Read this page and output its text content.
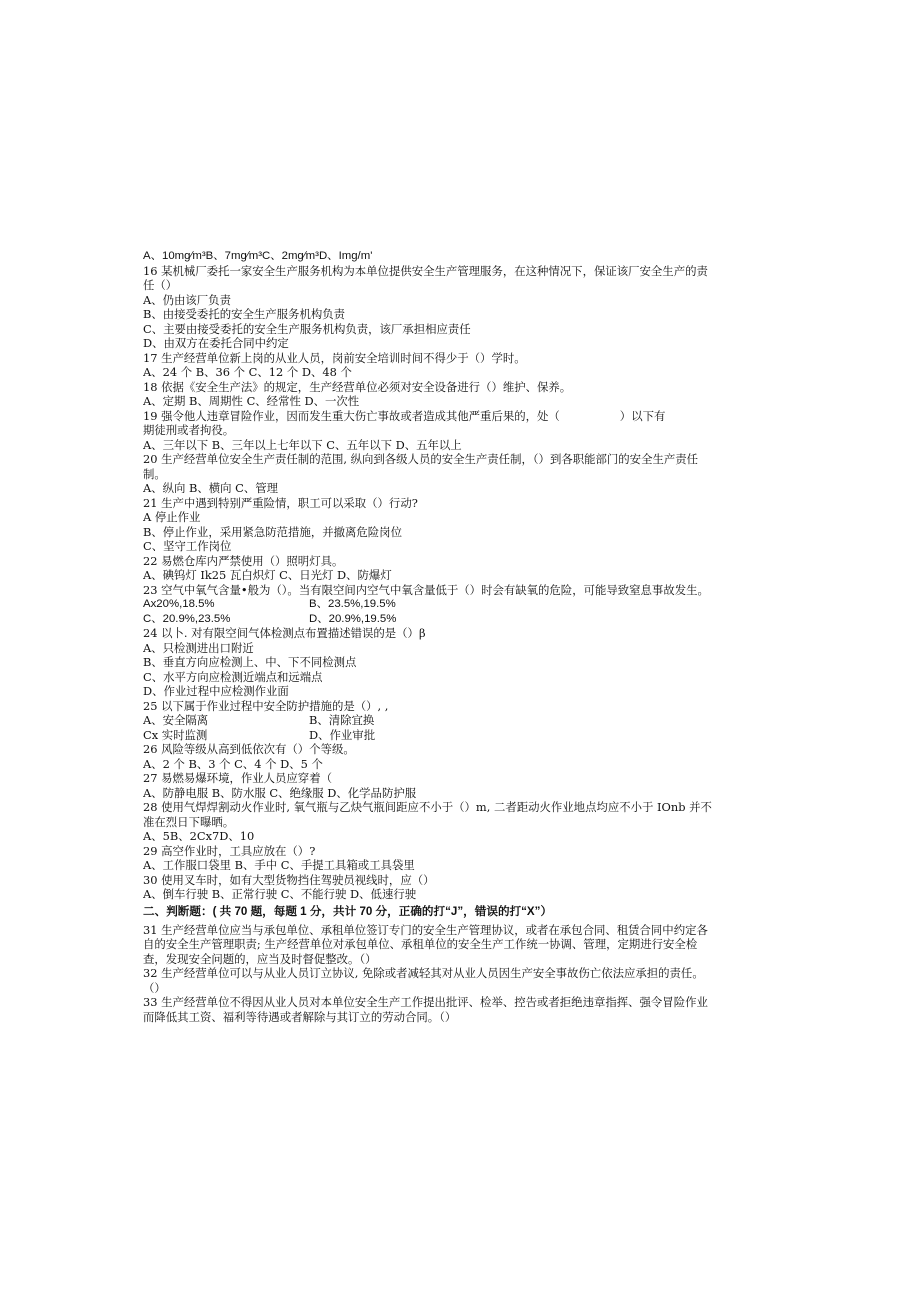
A、10mg∕m³B、7mg∕m³C、2mg∕m³D、Img/m'
16 某机械厂委托一家安全生产服务机构为本单位提供安全生产管理服务，在这种情况下，保证该厂安全生产的责任（）
A、仍由该厂负责
B、由接受委托的安全生产服务机构负责
C、主要由接受委托的安全生产服务机构负责，该厂承担相应责任
D、由双方在委托合同中约定
17 生产经营单位新上岗的从业人员，岗前安全培训时间不得少于（）学时。
A、24 个 B、36 个 C、12 个 D、48 个
18 依据《安全生产法》的规定，生产经营单位必须对安全设备进行（）维护、保养。
A、定期 B、周期性 C、经常性 D、一次性
19 强令他人违章冒险作业，因而发生重大伤亡事故或者造成其他严重后果的，处（	）以下有
期徒刑或者拘役。
A、三年以下 B、三年以上七年以下 C、五年以下 D、五年以上
20 生产经营单位安全生产责任制的范围, 纵向到各级人员的安全生产责任制，（）到各职能部门的安全生产责任制。
A、纵向 B、横向 C、管理
21 生产中遇到特别严重险情，职工可以采取（）行动?
A 停止作业
B、停止作业，采用紧急防范措施，并撤离危险岗位
C、坚守工作岗位
22 易燃仓库内严禁使用（）照明灯具。
A、碘钨灯 Ik25 瓦白炽灯 C、日光灯 D、防爆灯
23 空气中氧气含量•般为（）。当有限空间内空气中氧含量低于（）时会有缺氧的危险，可能导致窒息事故发生。
Ax20%,18.5%	B、23.5%,19.5%
C、20.9%,23.5%	D、20.9%,19.5%
24 以卜. 对有限空间气体检测点布置描述错误的是（）β
A、只检测进出口附近
B、垂直方向应检测上、中、下不同检测点
C、水平方向应检测近端点和远端点
D、作业过程中应检测作业面
25 以下属于作业过程中安全防护措施的是（）, ,
A、安全隔离	B、清除宜换
Cx 实时监测	D、作业审批
26 风险等级从高到低依次有（）个等级。
A、2 个 B、3 个 C、4 个 D、5 个
27 易燃易爆环境，作业人员应穿着（
A、防静电服 B、防水服 C、绝缘服 D、化学品防护服
28 使用气焊焊割动火作业时, 氧气瓶与乙炔气瓶间距应不小于（）m, 二者距动火作业地点均应不小于 IOnb 并不准在烈日下曝晒。
A、5B、2Cx7D、10
29 高空作业时，工具应放在（）?
A、工作服口袋里 B、手中 C、手提工具箱或工具袋里
30 使用叉车时，如有大型货物挡住驾驶员视线时，应（）
A、倒车行驶 B、正常行驶 C、不能行驶 D、低速行驶
二、判断题：( 共 70 题，每题 1 分，共计 70 分，正确的打“J”，错误的打“X”）
31 生产经营单位应当与承包单位、承租单位签订专门的安全生产管理协议，或者在承包合同、租赁合同中约定各自的安全生产管理职责; 生产经营单位对承包单位、承租单位的安全生产工作统一协调、管理，定期进行安全检查，发现安全问题的，应当及时督促整改。（）
32 生产经营单位可以与从业人员订立协议, 免除或者减轻其对从业人员因生产安全事故伤亡依法应承担的责任。（）
33 生产经营单位不得因从业人员对本单位安全生产工作提出批评、检举、控告或者拒绝违章指挥、强令冒险作业而降低其工资、福利等待遇或者解除与其订立的劳动合同。（）
